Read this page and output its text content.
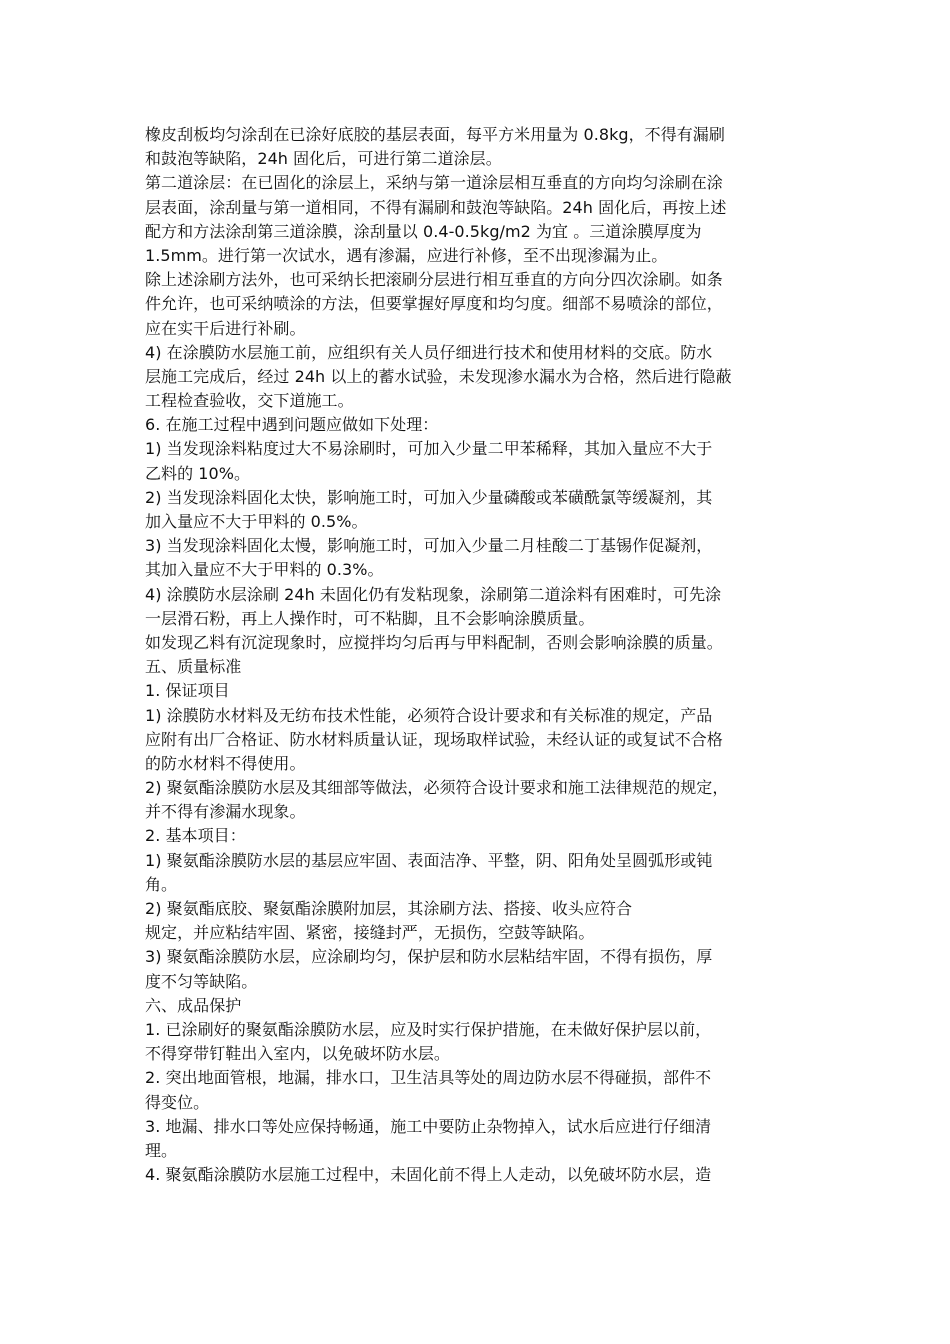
橡皮刮板均匀涂刮在已涂好底胶的基层表面，每平方米用量为 0.8kg，不得有漏刷
和鼓泡等缺陷，24h 固化后，可进行第二道涂层。
第二道涂层：在已固化的涂层上，采纳与第一道涂层相互垂直的方向均匀涂刷在涂
层表面，涂刮量与第一道相同，不得有漏刷和鼓泡等缺陷。24h 固化后，再按上述
配方和方法涂刮第三道涂膜，涂刮量以 0.4-0.5kg/m2 为宜 。三道涂膜厚度为
1.5mm。进行第一次试水，遇有渗漏，应进行补修，至不出现渗漏为止。
除上述涂刷方法外，也可采纳长把滚刷分层进行相互垂直的方向分四次涂刷。如条
件允许，也可采纳喷涂的方法，但要掌握好厚度和均匀度。细部不易喷涂的部位，
应在实干后进行补刷。
4) 在涂膜防水层施工前，应组织有关人员仔细进行技术和使用材料的交底。防水
层施工完成后，经过 24h 以上的蓄水试验，未发现渗水漏水为合格，然后进行隐蔽
工程检查验收，交下道施工。
6. 在施工过程中遇到问题应做如下处理：
1) 当发现涂料粘度过大不易涂刷时，可加入少量二甲苯稀释，其加入量应不大于
乙料的 10%。
2) 当发现涂料固化太快，影响施工时，可加入少量磷酸或苯磺酰氯等缓凝剂，其
加入量应不大于甲料的 0.5%。
3) 当发现涂料固化太慢，影响施工时，可加入少量二月桂酸二丁基锡作促凝剂，
其加入量应不大于甲料的 0.3%。
4) 涂膜防水层涂刷 24h 未固化仍有发粘现象，涂刷第二道涂料有困难时，可先涂
一层滑石粉，再上人操作时，可不粘脚，且不会影响涂膜质量。
如发现乙料有沉淀现象时，应搅拌均匀后再与甲料配制，否则会影响涂膜的质量。
五、质量标准
1. 保证项目
1) 涂膜防水材料及无纺布技术性能，必须符合设计要求和有关标准的规定，产品
应附有出厂合格证、防水材料质量认证，现场取样试验，未经认证的或复试不合格
的防水材料不得使用。
2) 聚氨酯涂膜防水层及其细部等做法，必须符合设计要求和施工法律规范的规定，
并不得有渗漏水现象。
2. 基本项目：
1) 聚氨酯涂膜防水层的基层应牢固、表面洁净、平整，阴、阳角处呈圆弧形或钝
角。
2) 聚氨酯底胶、聚氨酯涂膜附加层，其涂刷方法、搭接、收头应符合
规定，并应粘结牢固、紧密，接缝封严，无损伤，空鼓等缺陷。
3) 聚氨酯涂膜防水层，应涂刷均匀，保护层和防水层粘结牢固，不得有损伤，厚
度不匀等缺陷。
六、成品保护
1. 已涂刷好的聚氨酯涂膜防水层，应及时实行保护措施，在未做好保护层以前，
不得穿带钉鞋出入室内，以免破坏防水层。
2. 突出地面管根，地漏，排水口，卫生洁具等处的周边防水层不得碰损，部件不
得变位。
3. 地漏、排水口等处应保持畅通，施工中要防止杂物掉入，试水后应进行仔细清
理。
4. 聚氨酯涂膜防水层施工过程中，未固化前不得上人走动，以免破坏防水层，造
